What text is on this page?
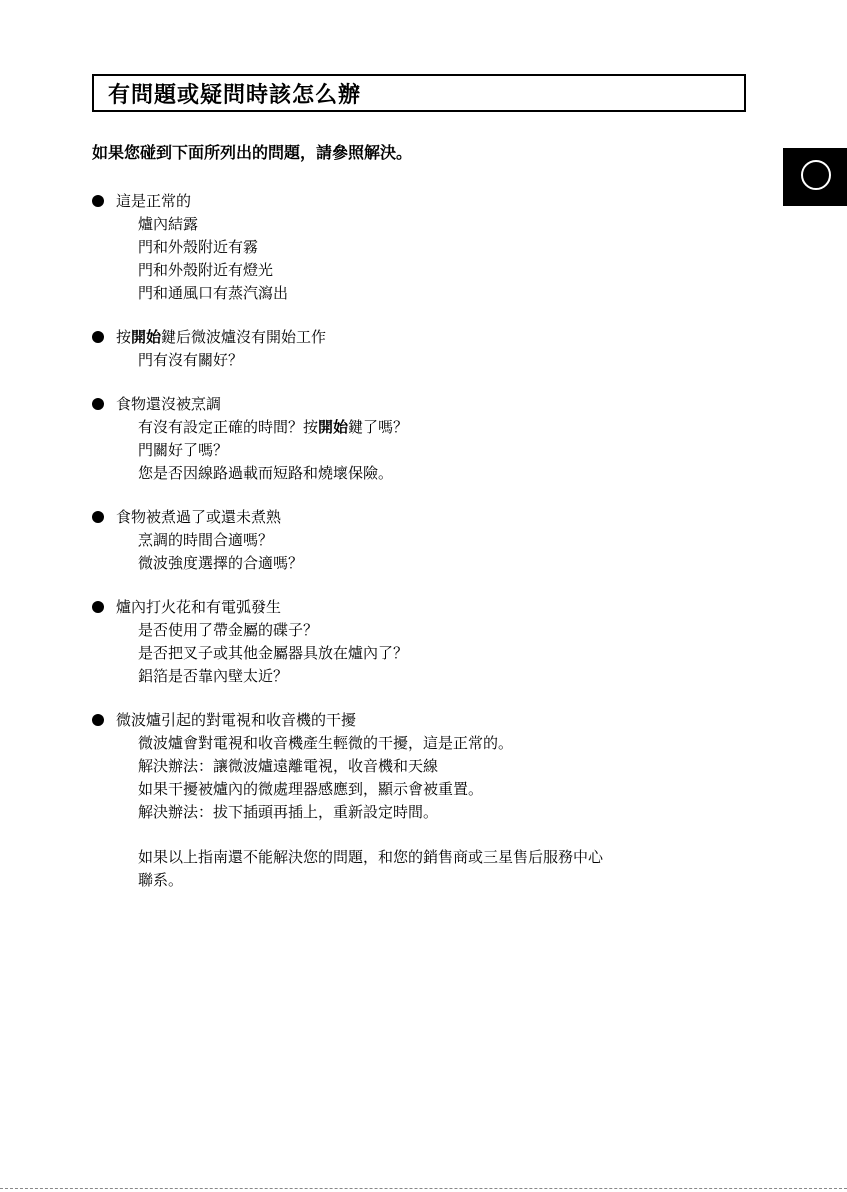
有問題或疑問時該怎么辦
如果您碰到下面所列出的問題，請參照解決。
這是正常的
爐內結露
門和外殼附近有霧
門和外殼附近有燈光
門和通風口有蒸汽瀉出
按開始鍵后微波爐沒有開始工作
門有沒有關好？
食物還沒被烹調
有沒有設定正確的時間？按開始鍵了嗎？
門關好了嗎？
您是否因線路過載而短路和燒壞保險。
食物被煮過了或還未煮熟
烹調的時間合適嗎？
微波強度選擇的合適嗎？
爐內打火花和有電弧發生
是否使用了帶金屬的碟子？
是否把叉子或其他金屬器具放在爐內了？
鋁箔是否靠內壁太近？
微波爐引起的對電視和收音機的干擾
微波爐會對電視和收音機產生輕微的干擾，這是正常的。
解決辦法：讓微波爐遠離電視，收音機和天線
如果干擾被爐內的微處理器感應到，顯示會被重置。
解決辦法：拔下插頭再插上，重新設定時間。
如果以上指南還不能解決您的問題，和您的銷售商或三星售后服務中心
聯系。
